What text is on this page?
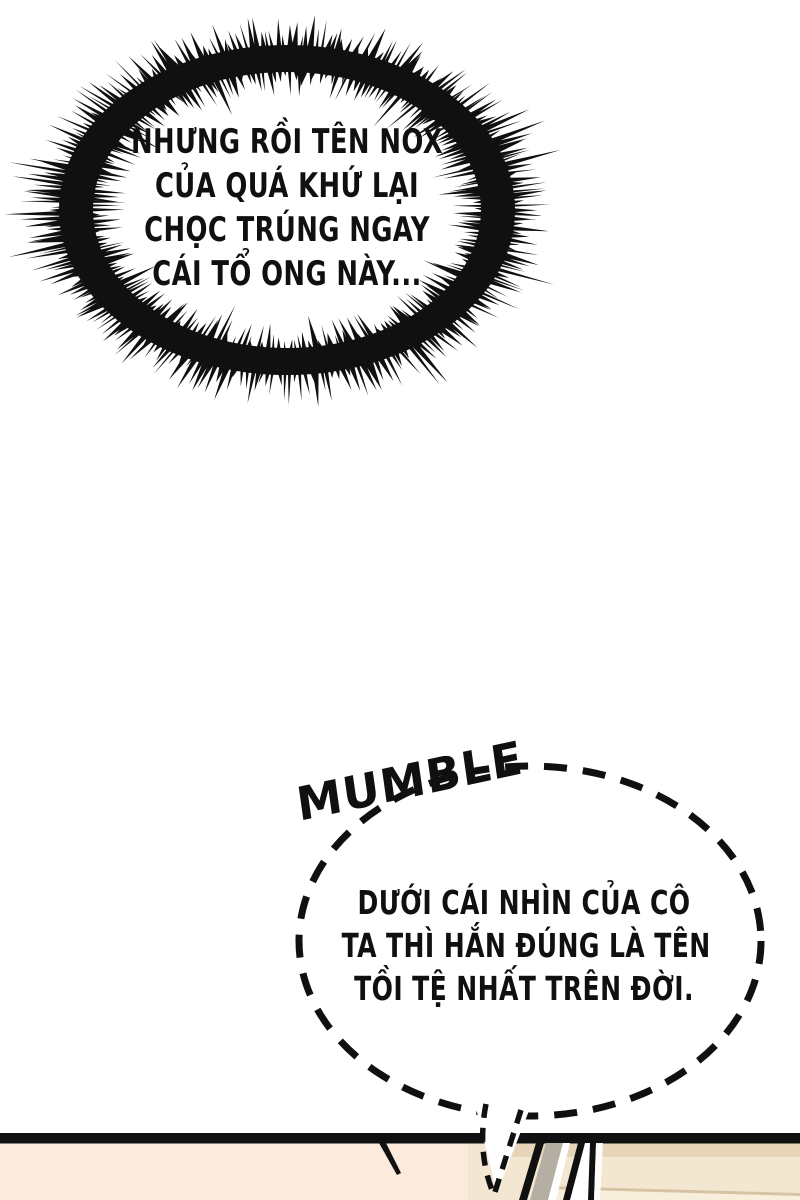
NHƯNG RỒI TÊN NOX
CỦA QUÁ KHỨ LẠI
CHỌC TRÚNG NGAY
CÁI TỔ ONG NÀY...
MUMBLE
DƯỚI CÁI NHÌN CỦA CÔ
TA THÌ HẮN ĐÚNG LÀ TÊN
TỒI TỆ NHẤT TRÊN ĐỜI.
